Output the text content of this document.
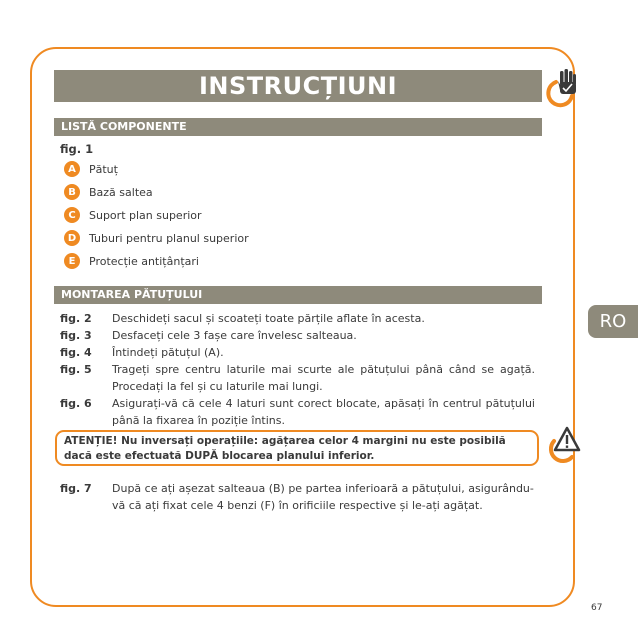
INSTRUCȚIUNI
LISTĂ COMPONENTE
fig. 1
A	Pătuț
B	Bază saltea
C	Suport plan superior
D	Tuburi pentru planul superior
E	Protecție antițânțari
MONTAREA PĂTUȚULUI
fig. 2	Deschideți sacul și scoateți toate părțile aflate în acesta.
fig. 3	Desfaceți cele 3 fașe care învelesc salteaua.
fig. 4	Întindeți pătuțul (A).
fig. 5	Trageți spre centru laturile mai scurte ale pătuțului până când se agață. Procedați la fel și cu laturile mai lungi.
fig. 6	Asigurați-vă că cele 4 laturi sunt corect blocate, apăsați în centrul pătuțului până la fixarea în poziție întins.
ATENȚIE! Nu inversați operațiile: agățarea celor 4 margini nu este posibilă dacă este efectuată DUPĂ blocarea planului inferior.
fig. 7	După ce ați așezat salteaua (B) pe partea inferioară a pătuțului, asigurându-vă că ați fixat cele 4 benzi (F) în orificiile respective și le-ați agățat.
RO
67
